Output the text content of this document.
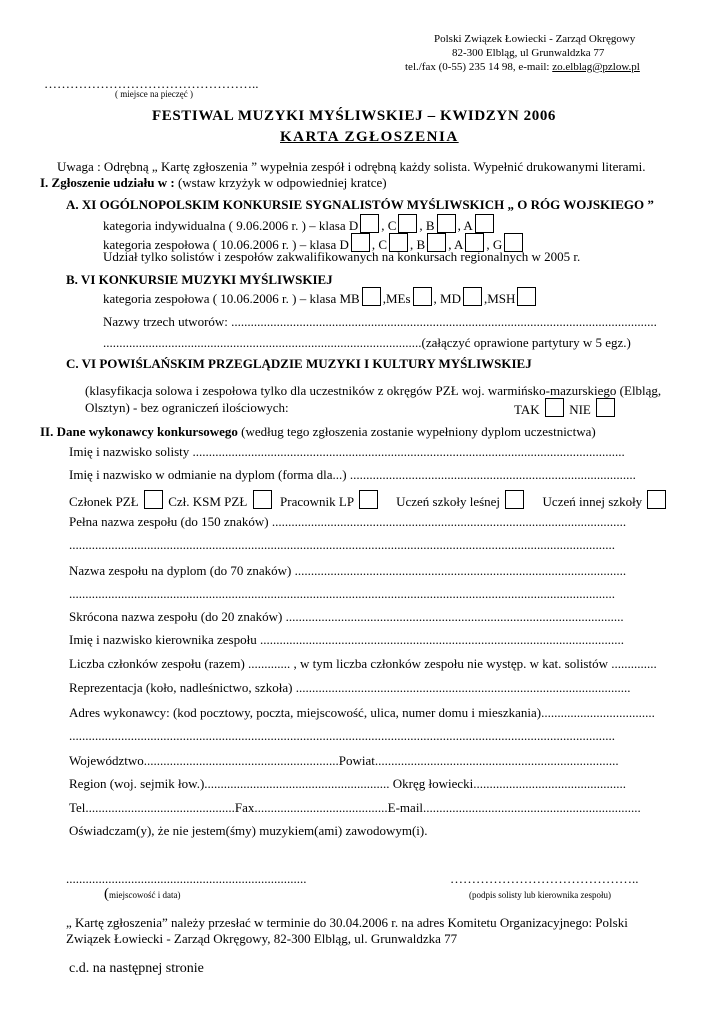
Polski Związek Łowiecki - Zarząd Okręgowy
82-300 Elbląg, ul Grunwaldzka 77
tel./fax (0-55) 235 14 98, e-mail: zo.elblag@pzlow.pl
…………………………………………..
( miejsce na pieczęć )
FESTIWAL MUZYKI MYŚLIWSKIEJ – KWIDZYN 2006
KARTA ZGŁOSZENIA
Uwaga : Odrębną „ Kartę zgłoszenia ” wypełnia zespół i odrębną każdy solista. Wypełnić drukowanymi literami.
I. Zgłoszenie udziału w : (wstaw krzyżyk w odpowiedniej kratce)
A. XI OGÓLNOPOLSKIM KONKURSIE SYGNALISTÓW MYŚLIWSKICH „ O RÓG WOJSKIEGO ”
kategoria indywidualna ( 9.06.2006 r. ) – klasa D , C , B , A
kategoria zespołowa ( 10.06.2006 r. ) – klasa D , C , B , A , G
Udział tylko solistów i zespołów zakwalifikowanych na konkursach regionalnych w 2005 r.
B. VI KONKURSIE MUZYKI MYŚLIWSKIEJ
kategoria zespołowa ( 10.06.2006 r. ) – klasa MB ,MEs , MD ,MSH
Nazwy trzech utworów: ...................................................................................................................................
..................................................................................................(załączyć oprawione partytury w 5 egz.)
C. VI POWIŚLAŃSKIM PRZEGLĄDZIE MUZYKI I KULTURY MYŚLIWSKIEJ
(klasyfikacja solowa i zespołowa tylko dla uczestników z okręgów PZŁ woj. warmińsko-mazurskiego (Elbląg,
Olsztyn) - bez ograniczeń ilościowych:	TAK NIE
II. Dane wykonawcy konkursowego (według tego zgłoszenia zostanie wypełniony dyplom uczestnictwa)
Imię i nazwisko solisty .....................................................................................................................................
Imię i nazwisko w odmianie na dyplom (forma dla...) ........................................................................................
Członek PZŁ Czł. KSM PZŁ	Pracownik LP	Uczeń szkoły leśnej	Uczeń innej szkoły
Pełna nazwa zespołu (do 150 znaków) .............................................................................................................
........................................................................................................................................................................
Nazwa zespołu na dyplom (do 70 znaków) ......................................................................................................
........................................................................................................................................................................
Skrócona nazwa zespołu (do 20 znaków) ........................................................................................................
Imię i nazwisko kierownika zespołu ................................................................................................................
Liczba członków zespołu (razem) ............. , w tym liczba członków zespołu nie występ. w kat. solistów ..............
Reprezentacja (koło, nadleśnictwo, szkoła) .......................................................................................................
Adres wykonawcy: (kod pocztowy, poczta, miejscowość, ulica, numer domu i mieszkania)...................................
........................................................................................................................................................................
Województwo............................................................Powiat...........................................................................
Region (woj. sejmik łow.)......................................................... Okręg łowiecki...............................................
Tel..............................................Fax.........................................E-mail...................................................................
Oświadczam(y), że nie jestem(śmy) muzykiem(ami) zawodowym(i).
..........................................................................
(miejscowość i data)
……………………………………..
(podpis solisty lub kierownika zespołu)
„ Kartę zgłoszenia” należy przesłać w terminie do 30.04.2006 r. na adres Komitetu Organizacyjnego: Polski
Związek Łowiecki - Zarząd Okręgowy, 82-300 Elbląg, ul. Grunwaldzka 77
c.d. na następnej stronie
